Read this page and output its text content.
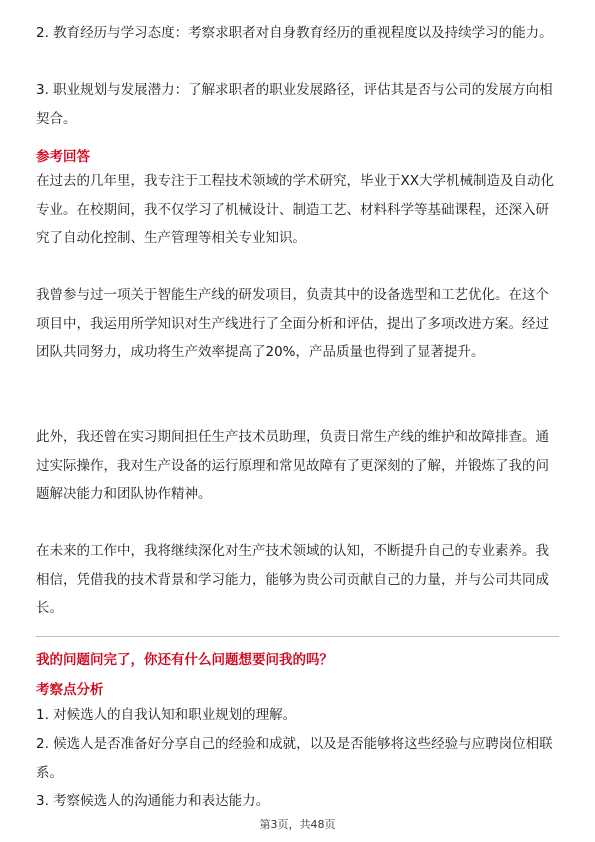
2. 教育经历与学习态度：考察求职者对自身教育经历的重视程度以及持续学习的能力。

3. 职业规划与发展潜力：了解求职者的职业发展路径，评估其是否与公司的发展方向相契合。

参考回答

在过去的几年里，我专注于工程技术领域的学术研究，毕业于XX大学机械制造及自动化专业。在校期间，我不仅学习了机械设计、制造工艺、材料科学等基础课程，还深入研究了自动化控制、生产管理等相关专业知识。

我曾参与过一项关于智能生产线的研发项目，负责其中的设备选型和工艺优化。在这个项目中，我运用所学知识对生产线进行了全面分析和评估，提出了多项改进方案。经过团队共同努力，成功将生产效率提高了20%，产品质量也得到了显著提升。

此外，我还曾在实习期间担任生产技术员助理，负责日常生产线的维护和故障排查。通过实际操作，我对生产设备的运行原理和常见故障有了更深刻的了解，并锻炼了我的问题解决能力和团队协作精神。

在未来的工作中，我将继续深化对生产技术领域的认知，不断提升自己的专业素养。我相信，凭借我的技术背景和学习能力，能够为贵公司贡献自己的力量，并与公司共同成长。

我的问题问完了，你还有什么问题想要问我的吗？
考察点分析

1. 对候选人的自我认知和职业规划的理解。

2. 候选人是否准备好分享自己的经验和成就，以及是否能够将这些经验与应聘岗位相联系。

3. 考察候选人的沟通能力和表达能力。

第3页，共48页
